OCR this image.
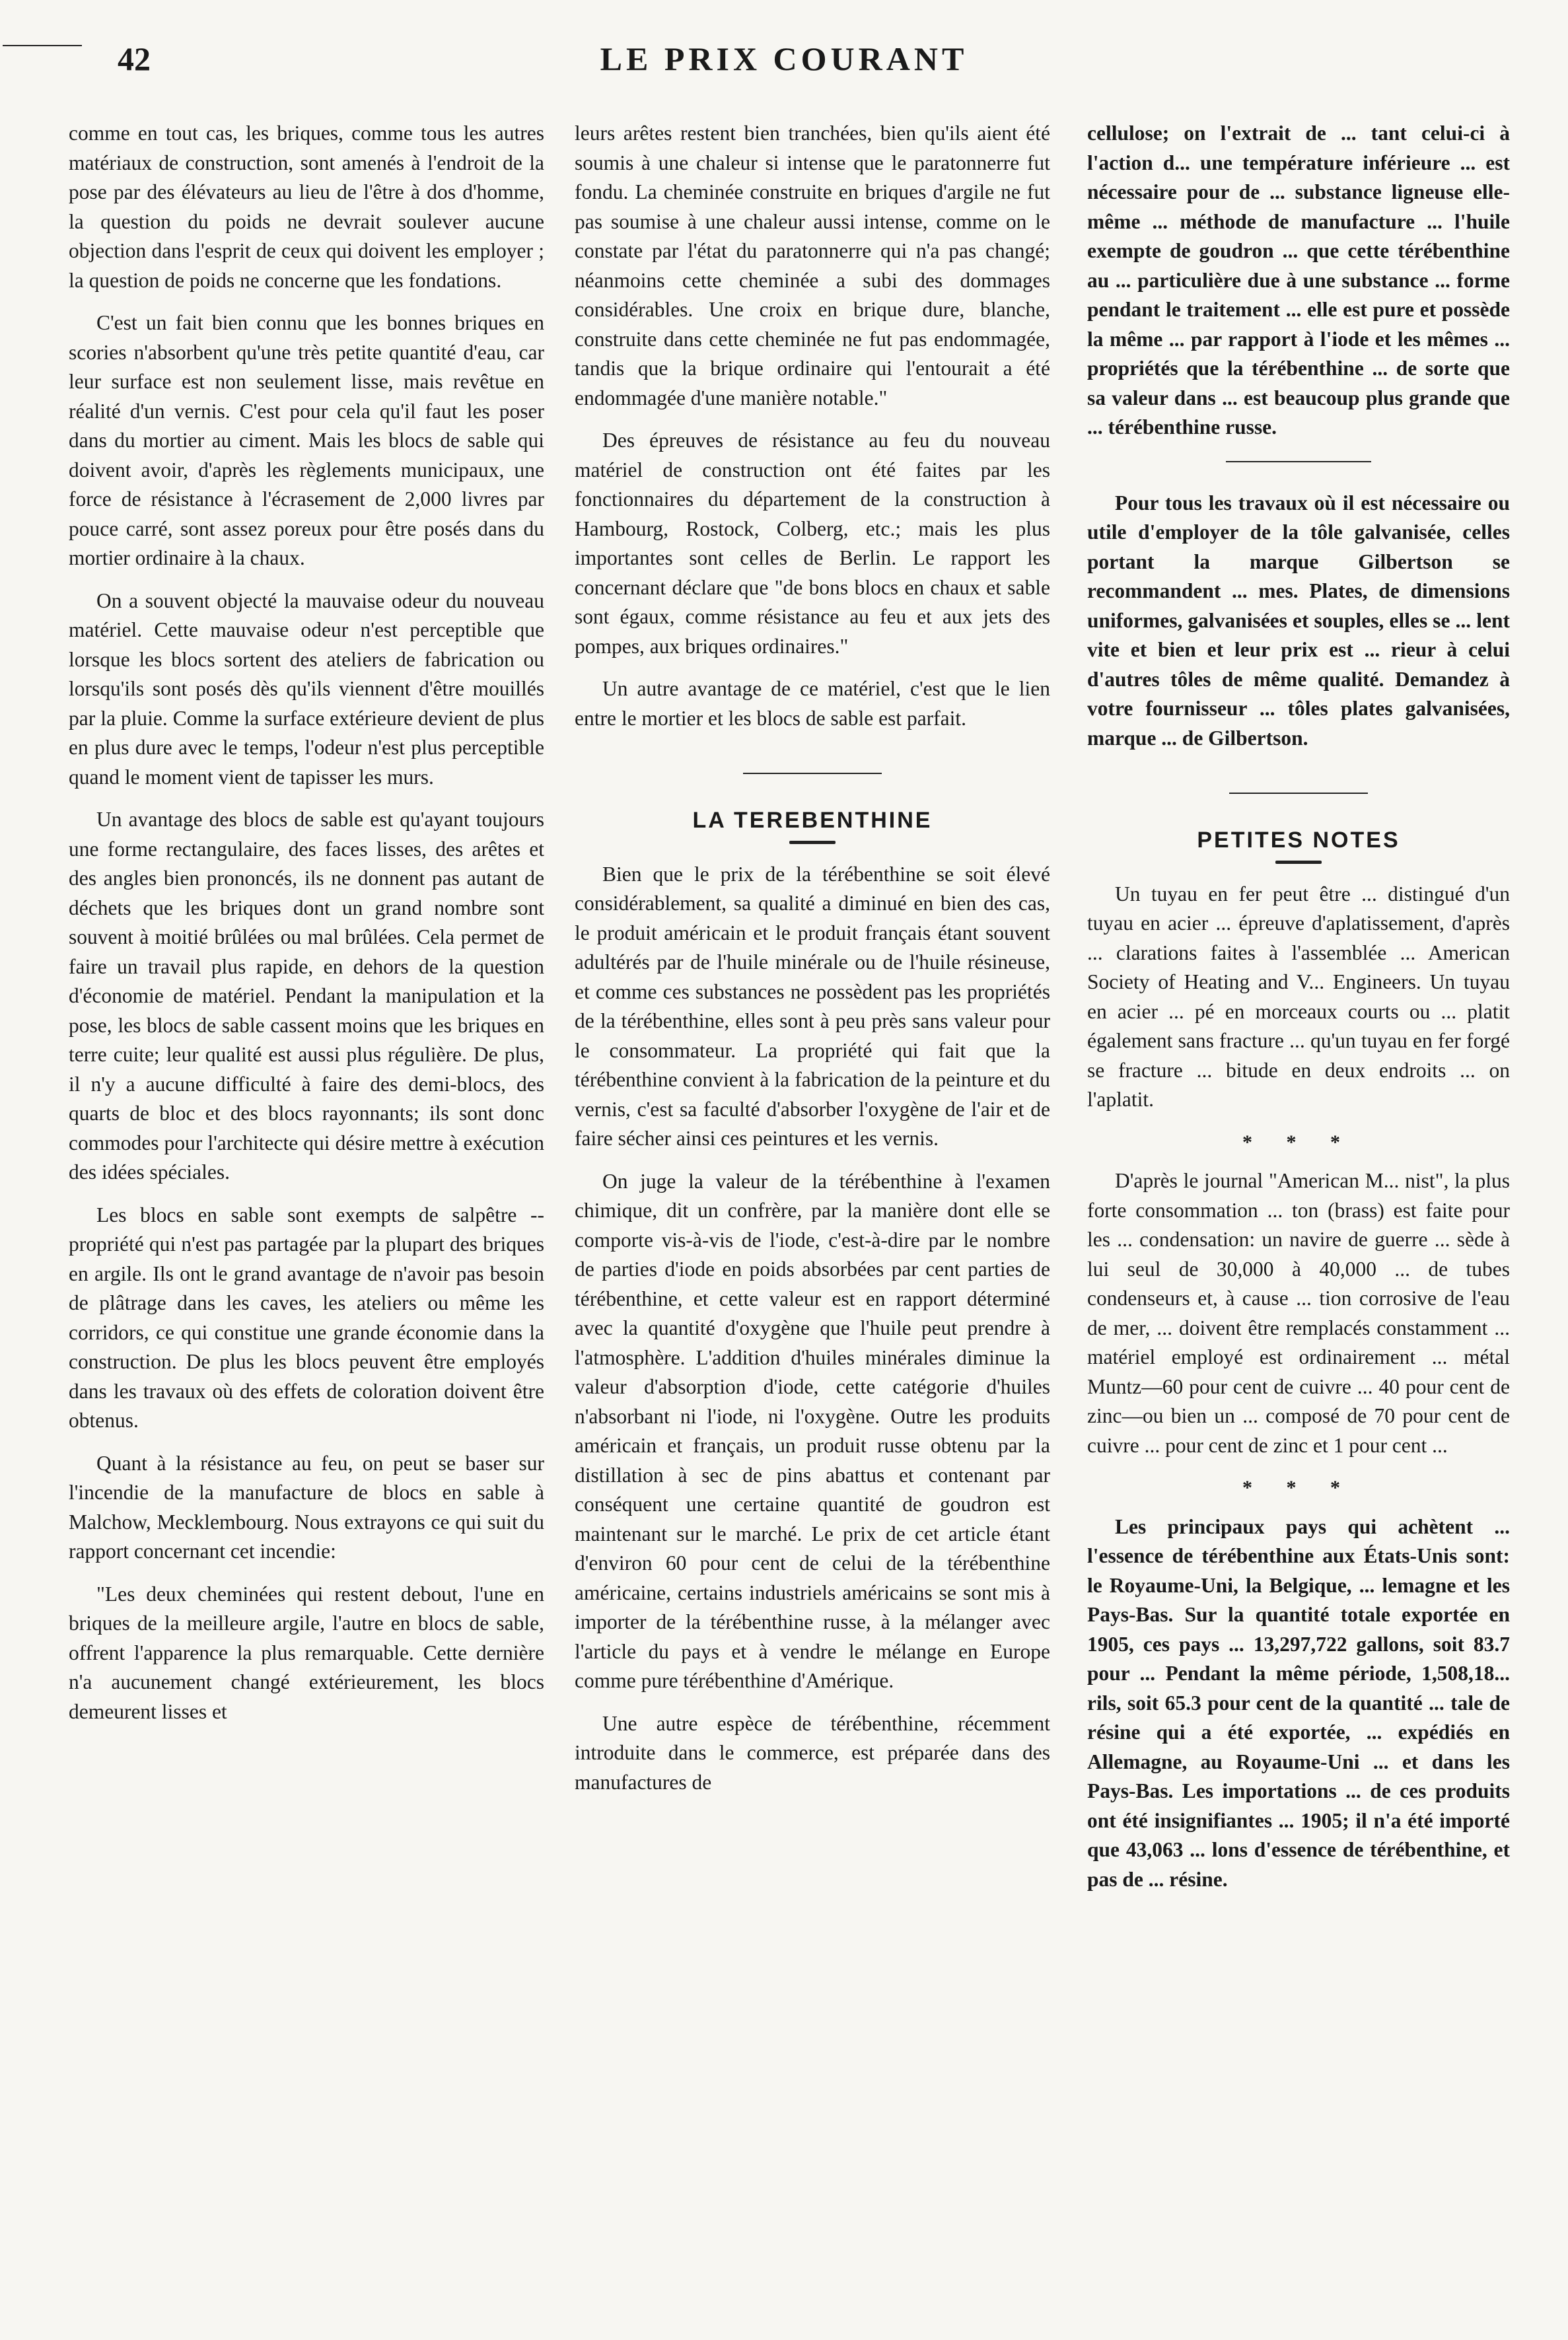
42	LE PRIX COURANT

comme en tout cas, les briques, comme tous les autres matériaux de construction, sont amenés à l'endroit de la pose par des élévateurs au lieu de l'être à dos d'homme, la question du poids ne devrait soulever aucune objection dans l'esprit de ceux qui doivent les employer ; la question de poids ne concerne que les fondations.

C'est un fait bien connu que les bonnes briques en scories n'absorbent qu'une très petite quantité d'eau, car leur surface est non seulement lisse, mais revêtue en réalité d'un vernis. C'est pour cela qu'il faut les poser dans du mortier au ciment. Mais les blocs de sable qui doivent avoir, d'après les règlements municipaux, une force de résistance à l'écrasement de 2,000 livres par pouce carré, sont assez poreux pour être posés dans du mortier ordinaire à la chaux.

On a souvent objecté la mauvaise odeur du nouveau matériel. Cette mauvaise odeur n'est perceptible que lorsque les blocs sortent des ateliers de fabrication ou lorsqu'ils sont posés dès qu'ils viennent d'être mouillés par la pluie. Comme la surface extérieure devient de plus en plus dure avec le temps, l'odeur n'est plus perceptible quand le moment vient de tapisser les murs.

Un avantage des blocs de sable est qu'ayant toujours une forme rectangulaire, des faces lisses, des arêtes et des angles bien prononcés, ils ne donnent pas autant de déchets que les briques dont un grand nombre sont souvent à moitié brûlées ou mal brûlées. Cela permet de faire un travail plus rapide, en dehors de la question d'économie de matériel. Pendant la manipulation et la pose, les blocs de sable cassent moins que les briques en terre cuite; leur qualité est aussi plus régulière. De plus, il n'y a aucune difficulté à faire des demi-blocs, des quarts de bloc et des blocs rayonnants; ils sont donc commodes pour l'architecte qui désire mettre à exécution des idées spéciales.

Les blocs en sable sont exempts de salpêtre -- propriété qui n'est pas partagée par la plupart des briques en argile. Ils ont le grand avantage de n'avoir pas besoin de plâtrage dans les caves, les ateliers ou même les corridors, ce qui constitue une grande économie dans la construction. De plus les blocs peuvent être employés dans les travaux où des effets de coloration doivent être obtenus.

Quant à la résistance au feu, on peut se baser sur l'incendie de la manufacture de blocs en sable à Malchow, Mecklembourg. Nous extrayons ce qui suit du rapport concernant cet incendie:

"Les deux cheminées qui restent debout, l'une en briques de la meilleure argile, l'autre en blocs de sable, offrent l'apparence la plus remarquable. Cette dernière n'a aucunement changé extérieurement, les blocs demeurent lisses et

leurs arêtes restent bien tranchées, bien qu'ils aient été soumis à une chaleur si intense que le paratonnerre fut fondu. La cheminée construite en briques d'argile ne fut pas soumise à une chaleur aussi intense, comme on le constate par l'état du paratonnerre qui n'a pas changé; néanmoins cette cheminée a subi des dommages considérables. Une croix en brique dure, blanche, construite dans cette cheminée ne fut pas endommagée, tandis que la brique ordinaire qui l'entourait a été endommagée d'une manière notable."

Des épreuves de résistance au feu du nouveau matériel de construction ont été faites par les fonctionnaires du département de la construction à Hambourg, Rostock, Colberg, etc.; mais les plus importantes sont celles de Berlin. Le rapport les concernant déclare que "de bons blocs en chaux et sable sont égaux, comme résistance au feu et aux jets des pompes, aux briques ordinaires."

Un autre avantage de ce matériel, c'est que le lien entre le mortier et les blocs de sable est parfait.

LA TEREBENTHINE

Bien que le prix de la térébenthine se soit élevé considérablement, sa qualité a diminué en bien des cas, le produit américain et le produit français étant souvent adultérés par de l'huile minérale ou de l'huile résineuse, et comme ces substances ne possèdent pas les propriétés de la térébenthine, elles sont à peu près sans valeur pour le consommateur. La propriété qui fait que la térébenthine convient à la fabrication de la peinture et du vernis, c'est sa faculté d'absorber l'oxygène de l'air et de faire sécher ainsi ces peintures et les vernis.

On juge la valeur de la térébenthine à l'examen chimique, dit un confrère, par la manière dont elle se comporte vis-à-vis de l'iode, c'est-à-dire par le nombre de parties d'iode en poids absorbées par cent parties de térébenthine, et cette valeur est en rapport déterminé avec la quantité d'oxygène que l'huile peut prendre à l'atmosphère. L'addition d'huiles minérales diminue la valeur d'absorption d'iode, cette catégorie d'huiles n'absorbant ni l'iode, ni l'oxygène. Outre les produits américain et français, un produit russe obtenu par la distillation à sec de pins abattus et contenant par conséquent une certaine quantité de goudron est maintenant sur le marché. Le prix de cet article étant d'environ 60 pour cent de celui de la térébenthine américaine, certains industriels américains se sont mis à importer de la térébenthine russe, à la mélanger avec l'article du pays et à vendre le mélange en Europe comme pure térébenthine d'Amérique.

Une autre espèce de térébenthine, récemment introduite dans le commerce, est préparée dans des manufactures de

cellulose; on l'extrait de ... tant celui-ci à l'action d... une température inférieure ... est nécessaire pour de ... substance ligneuse elle-même ... méthode de manufacture ... l'huile exempte de goudron ... que cette térébenthine au ... particulière due à une substance ... forme pendant le traitement ... elle est pure et possède la même ... par rapport à l'iode et les mêmes ... propriétés que la térébenthine ... de sorte que sa valeur dans ... est beaucoup plus grande que ... térébenthine russe.

Pour tous les travaux où il est nécessaire ou utile d'employer de la tôle galvanisée, celles portant la marque Gilbertson se recommandent ... mes. Plates, de dimensions uniformes, galvanisées et souples, elles se ... lent vite et bien et leur prix est ... rieur à celui d'autres tôles de même qualité. Demandez à votre fournisseur ... tôles plates galvanisées, marque ... de Gilbertson.

PETITES NOTES

Un tuyau en fer peut être ... distingué d'un tuyau en acier ... épreuve d'aplatissement, d'après ... clarations faites à l'assemblée ... American Society of Heating and V... Engineers. Un tuyau en acier ... pé en morceaux courts ou ... platit également sans fracture ... qu'un tuyau en fer forgé se fracture ... bitude en deux endroits ... on l'aplatit.

* * *

D'après le journal "American M... nist", la plus forte consommation ... ton (brass) est faite pour les ... condensation: un navire de guerre ... sède à lui seul de 30,000 à 40,000 ... de tubes condenseurs et, à cause ... tion corrosive de l'eau de mer, ... doivent être remplacés constamment ... matériel employé est ordinairement ... métal Muntz—60 pour cent de cuivre ... 40 pour cent de zinc—ou bien un ... composé de 70 pour cent de cuivre ... pour cent de zinc et 1 pour cent ...

* * *

Les principaux pays qui achètent ... l'essence de térébenthine aux États-Unis sont: le Royaume-Uni, la Belgique, ... lemagne et les Pays-Bas. Sur la quantité totale exportée en 1905, ces pays ... 13,297,722 gallons, soit 83.7 pour ... Pendant la même période, 1,508,18... rils, soit 65.3 pour cent de la quantité ... tale de résine qui a été exportée, ... expédiés en Allemagne, au Royaume-Uni ... et dans les Pays-Bas. Les importations ... de ces produits ont été insignifiantes ... 1905; il n'a été importé que 43,063 ... lons d'essence de térébenthine, et pas de ... résine.
